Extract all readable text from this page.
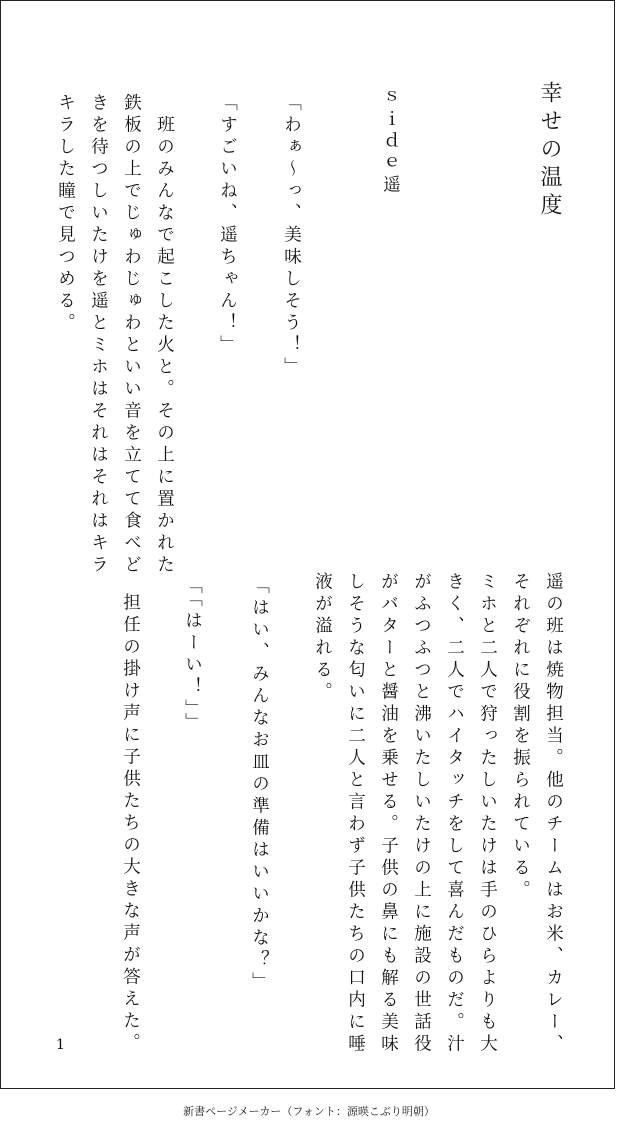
幸せの温度
ｓｉｄｅ遥
「わぁ〜っ、美味しそう！」
「すごいね、遥ちゃん！」
　班のみんなで起こした火と。その上に置かれた
鉄板の上でじゅわじゅわといい音を立てて食べど
きを待つしいたけを遥とミホはそれはそれはキラ
キラした瞳で見つめる。
遥の班は焼物担当。他のチームはお米、カレー、
それぞれに役割を振られている。
ミホと二人で狩ったしいたけは手のひらよりも大
きく、二人でハイタッチをして喜んだものだ。汁
がふつふつと沸いたしいたけの上に施設の世話役
がバターと醤油を乗せる。子供の鼻にも解る美味
しそうな匂いに二人と言わず子供たちの口内に唾
液が溢れる。
「はい、みんなお皿の準備はいいかな？」
「「はーい！」」
担任の掛け声に子供たちの大きな声が答えた。
1
新書ページメーカー（フォント：源暎こぶり明朝）
